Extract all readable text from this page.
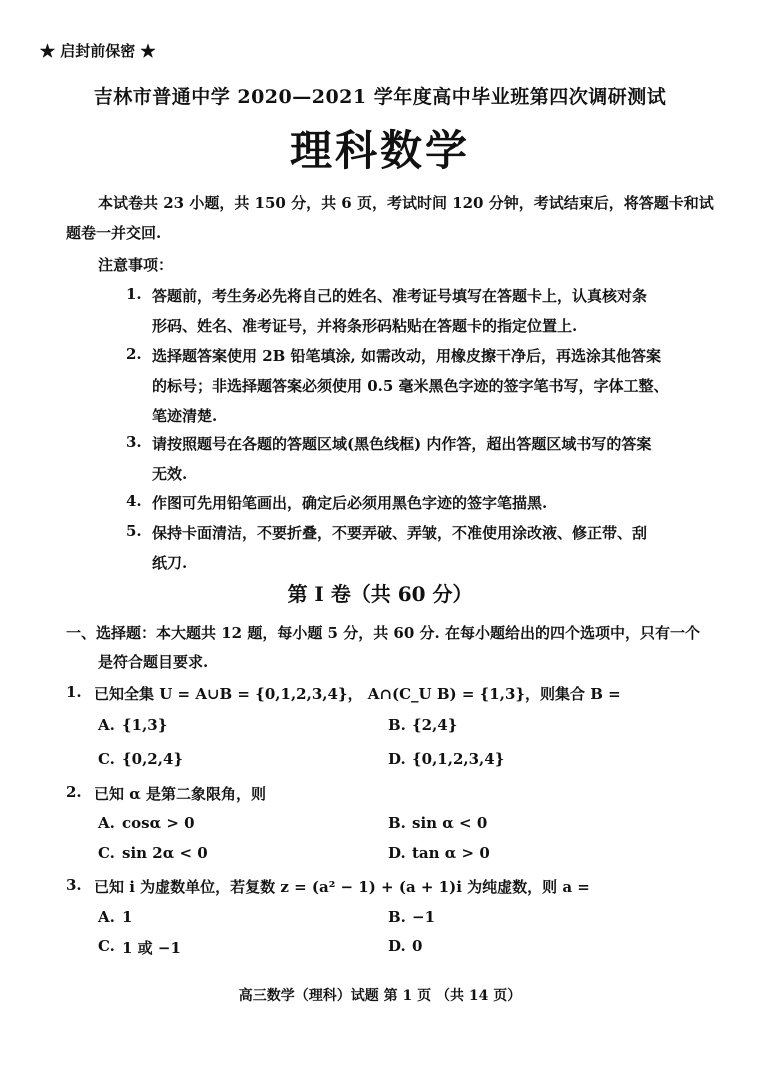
★ 启封前保密 ★
吉林市普通中学 2020—2021 学年度高中毕业班第四次调研测试
理科数学
本试卷共 23 小题，共 150 分，共 6 页，考试时间 120 分钟，考试结束后，将答题卡和试
题卷一并交回.
注意事项：
1. 答题前，考生务必先将自己的姓名、准考证号填写在答题卡上，认真核对条
形码、姓名、准考证号，并将条形码粘贴在答题卡的指定位置上.
2. 选择题答案使用 2B 铅笔填涂, 如需改动，用橡皮擦干净后，再选涂其他答案
的标号；非选择题答案必须使用 0.5 毫米黑色字迹的签字笔书写，字体工整、
笔迹清楚.
3. 请按照题号在各题的答题区域(黑色线框) 内作答，超出答题区域书写的答案
无效.
4. 作图可先用铅笔画出，确定后必须用黑色字迹的签字笔描黑.
5. 保持卡面清洁，不要折叠，不要弄破、弄皱，不准使用涂改液、修正带、刮
纸刀.
第 I 卷（共 60 分）
一、选择题：本大题共 12 题，每小题 5 分，共 60 分. 在每小题给出的四个选项中，只有一个
是符合题目要求.
1. 已知全集 U = A∪B = {0,1,2,3,4}， A∩(C_U B) = {1,3}，则集合 B =
A. {1,3}	B. {2,4}
C. {0,2,4}	D. {0,1,2,3,4}
2. 已知 α 是第二象限角，则
A. cosα > 0	B. sin α < 0
C. sin 2α < 0	D. tan α > 0
3. 已知 i 为虚数单位，若复数 z = (a² − 1) + (a + 1)i 为纯虚数，则 a =
A. 1	B. −1
C. 1 或 −1	D. 0
高三数学（理科）试题 第 1 页 （共 14 页）
